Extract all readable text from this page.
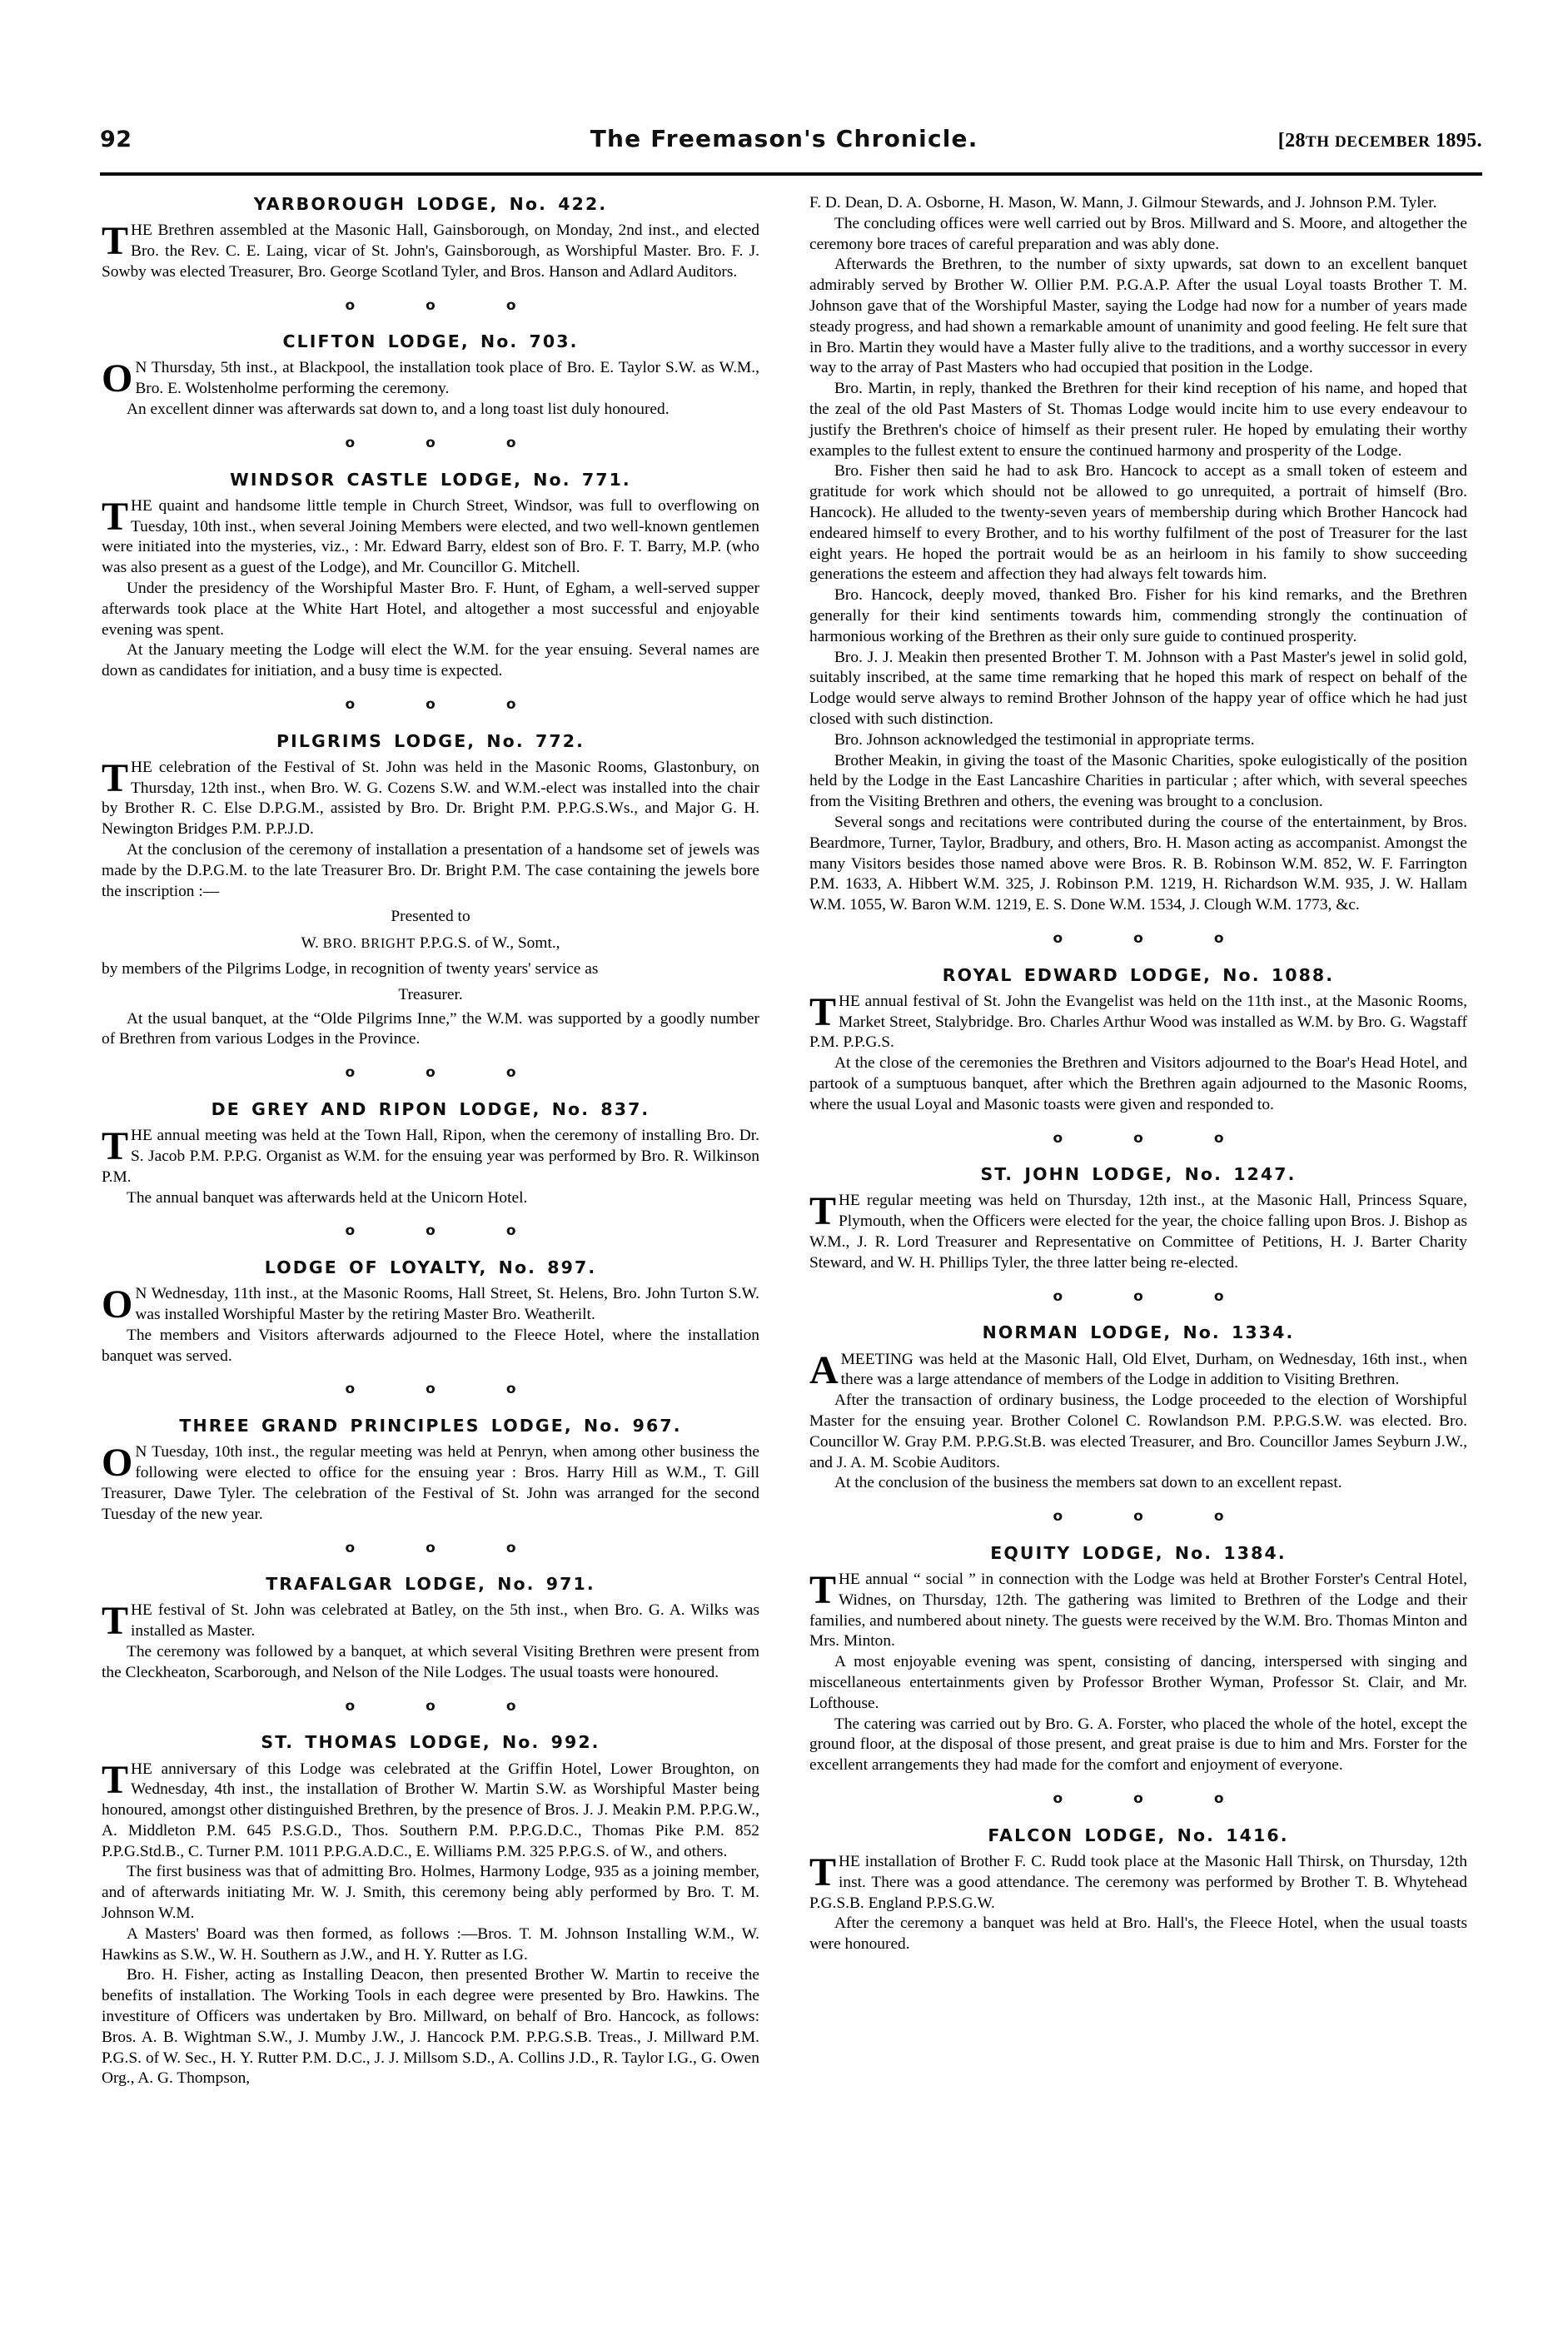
92	The Freemason's Chronicle.	[28TH DECEMBER 1895.
YARBOROUGH LODGE, No. 422.

THE Brethren assembled at the Masonic Hall, Gainsborough, on Monday, 2nd inst., and elected Bro. the Rev. C. E. Laing, vicar of St. John's, Gainsborough, as Worshipful Master. Bro. F. J. Sowby was elected Treasurer, Bro. George Scotland Tyler, and Bros. Hanson and Adlard Auditors.

o o o
CLIFTON LODGE, No. 703.

ON Thursday, 5th inst., at Blackpool, the installation took place of Bro. E. Taylor S.W. as W.M., Bro. E. Wolstenholme performing the ceremony.

An excellent dinner was afterwards sat down to, and a long toast list duly honoured.

o o o
WINDSOR CASTLE LODGE, No. 771.

THE quaint and handsome little temple in Church Street, Windsor, was full to overflowing on Tuesday, 10th inst., when several Joining Members were elected, and two well-known gentlemen were initiated into the mysteries, viz., : Mr. Edward Barry, eldest son of Bro. F. T. Barry, M.P. (who was also present as a guest of the Lodge), and Mr. Councillor G. Mitchell.

Under the presidency of the Worshipful Master Bro. F. Hunt, of Egham, a well-served supper afterwards took place at the White Hart Hotel, and altogether a most successful and enjoyable evening was spent.

At the January meeting the Lodge will elect the W.M. for the year ensuing. Several names are down as candidates for initiation, and a busy time is expected.

o o o
PILGRIMS LODGE, No. 772.

THE celebration of the Festival of St. John was held in the Masonic Rooms, Glastonbury, on Thursday, 12th inst., when Bro. W. G. Cozens S.W. and W.M.-elect was installed into the chair by Brother R. C. Else D.P.G.M., assisted by Bro. Dr. Bright P.M. P.P.G.S.Ws., and Major G. H. Newington Bridges P.M. P.P.J.D.

At the conclusion of the ceremony of installation a presentation of a handsome set of jewels was made by the D.P.G.M. to the late Treasurer Bro. Dr. Bright P.M. The case containing the jewels bore the inscription :—

Presented to

W. BRO. BRIGHT P.P.G.S. of W., Somt.,

by members of the Pilgrims Lodge, in recognition of twenty years' service as

Treasurer.

At the usual banquet, at the “Olde Pilgrims Inne,” the W.M. was supported by a goodly number of Brethren from various Lodges in the Province.

o o o
DE GREY AND RIPON LODGE, No. 837.

THE annual meeting was held at the Town Hall, Ripon, when the ceremony of installing Bro. Dr. S. Jacob P.M. P.P.G. Organist as W.M. for the ensuing year was performed by Bro. R. Wilkinson P.M.

The annual banquet was afterwards held at the Unicorn Hotel.

o o o
LODGE OF LOYALTY, No. 897.

ON Wednesday, 11th inst., at the Masonic Rooms, Hall Street, St. Helens, Bro. John Turton S.W. was installed Worshipful Master by the retiring Master Bro. Weatherilt.

The members and Visitors afterwards adjourned to the Fleece Hotel, where the installation banquet was served.

o o o
THREE GRAND PRINCIPLES LODGE, No. 967.

ON Tuesday, 10th inst., the regular meeting was held at Penryn, when among other business the following were elected to office for the ensuing year : Bros. Harry Hill as W.M., T. Gill Treasurer, Dawe Tyler. The celebration of the Festival of St. John was arranged for the second Tuesday of the new year.

o o o
TRAFALGAR LODGE, No. 971.

THE festival of St. John was celebrated at Batley, on the 5th inst., when Bro. G. A. Wilks was installed as Master.

The ceremony was followed by a banquet, at which several Visiting Brethren were present from the Cleckheaton, Scarborough, and Nelson of the Nile Lodges. The usual toasts were honoured.

o o o
ST. THOMAS LODGE, No. 992.

THE anniversary of this Lodge was celebrated at the Griffin Hotel, Lower Broughton, on Wednesday, 4th inst., the installation of Brother W. Martin S.W. as Worshipful Master being honoured, amongst other distinguished Brethren, by the presence of Bros. J. J. Meakin P.M. P.P.G.W., A. Middleton P.M. 645 P.S.G.D., Thos. Southern P.M. P.P.G.D.C., Thomas Pike P.M. 852 P.P.G.Std.B., C. Turner P.M. 1011 P.P.G.A.D.C., E. Williams P.M. 325 P.P.G.S. of W., and others.

The first business was that of admitting Bro. Holmes, Harmony Lodge, 935 as a joining member, and of afterwards initiating Mr. W. J. Smith, this ceremony being ably performed by Bro. T. M. Johnson W.M.

A Masters' Board was then formed, as follows :—Bros. T. M. Johnson Installing W.M., W. Hawkins as S.W., W. H. Southern as J.W., and H. Y. Rutter as I.G.

Bro. H. Fisher, acting as Installing Deacon, then presented Brother W. Martin to receive the benefits of installation. The Working Tools in each degree were presented by Bro. Hawkins. The investiture of Officers was undertaken by Bro. Millward, on behalf of Bro. Hancock, as follows: Bros. A. B. Wightman S.W., J. Mumby J.W., J. Hancock P.M. P.P.G.S.B. Treas., J. Millward P.M. P.G.S. of W. Sec., H. Y. Rutter P.M. D.C., J. J. Millsom S.D., A. Collins J.D., R. Taylor I.G., G. Owen Org., A. G. Thompson,

F. D. Dean, D. A. Osborne, H. Mason, W. Mann, J. Gilmour Stewards, and J. Johnson P.M. Tyler.

The concluding offices were well carried out by Bros. Millward and S. Moore, and altogether the ceremony bore traces of careful preparation and was ably done.

Afterwards the Brethren, to the number of sixty upwards, sat down to an excellent banquet admirably served by Brother W. Ollier P.M. P.G.A.P. After the usual Loyal toasts Brother T. M. Johnson gave that of the Worshipful Master, saying the Lodge had now for a number of years made steady progress, and had shown a remarkable amount of unanimity and good feeling. He felt sure that in Bro. Martin they would have a Master fully alive to the traditions, and a worthy successor in every way to the array of Past Masters who had occupied that position in the Lodge.

Bro. Martin, in reply, thanked the Brethren for their kind reception of his name, and hoped that the zeal of the old Past Masters of St. Thomas Lodge would incite him to use every endeavour to justify the Brethren's choice of himself as their present ruler. He hoped by emulating their worthy examples to the fullest extent to ensure the continued harmony and prosperity of the Lodge.

Bro. Fisher then said he had to ask Bro. Hancock to accept as a small token of esteem and gratitude for work which should not be allowed to go unrequited, a portrait of himself (Bro. Hancock). He alluded to the twenty-seven years of membership during which Brother Hancock had endeared himself to every Brother, and to his worthy fulfilment of the post of Treasurer for the last eight years. He hoped the portrait would be as an heirloom in his family to show succeeding generations the esteem and affection they had always felt towards him.

Bro. Hancock, deeply moved, thanked Bro. Fisher for his kind remarks, and the Brethren generally for their kind sentiments towards him, commending strongly the continuation of harmonious working of the Brethren as their only sure guide to continued prosperity.

Bro. J. J. Meakin then presented Brother T. M. Johnson with a Past Master's jewel in solid gold, suitably inscribed, at the same time remarking that he hoped this mark of respect on behalf of the Lodge would serve always to remind Brother Johnson of the happy year of office which he had just closed with such distinction.

Bro. Johnson acknowledged the testimonial in appropriate terms.

Brother Meakin, in giving the toast of the Masonic Charities, spoke eulogistically of the position held by the Lodge in the East Lancashire Charities in particular ; after which, with several speeches from the Visiting Brethren and others, the evening was brought to a conclusion.

Several songs and recitations were contributed during the course of the entertainment, by Bros. Beardmore, Turner, Taylor, Bradbury, and others, Bro. H. Mason acting as accompanist. Amongst the many Visitors besides those named above were Bros. R. B. Robinson W.M. 852, W. F. Farrington P.M. 1633, A. Hibbert W.M. 325, J. Robinson P.M. 1219, H. Richardson W.M. 935, J. W. Hallam W.M. 1055, W. Baron W.M. 1219, E. S. Done W.M. 1534, J. Clough W.M. 1773, &c.

o o o
ROYAL EDWARD LODGE, No. 1088.

THE annual festival of St. John the Evangelist was held on the 11th inst., at the Masonic Rooms, Market Street, Stalybridge. Bro. Charles Arthur Wood was installed as W.M. by Bro. G. Wagstaff P.M. P.P.G.S.

At the close of the ceremonies the Brethren and Visitors adjourned to the Boar's Head Hotel, and partook of a sumptuous banquet, after which the Brethren again adjourned to the Masonic Rooms, where the usual Loyal and Masonic toasts were given and responded to.

o o o
ST. JOHN LODGE, No. 1247.

THE regular meeting was held on Thursday, 12th inst., at the Masonic Hall, Princess Square, Plymouth, when the Officers were elected for the year, the choice falling upon Bros. J. Bishop as W.M., J. R. Lord Treasurer and Representative on Committee of Petitions, H. J. Barter Charity Steward, and W. H. Phillips Tyler, the three latter being re-elected.

o o o
NORMAN LODGE, No. 1334.

AMEETING was held at the Masonic Hall, Old Elvet, Durham, on Wednesday, 16th inst., when there was a large attendance of members of the Lodge in addition to Visiting Brethren.

After the transaction of ordinary business, the Lodge proceeded to the election of Worshipful Master for the ensuing year. Brother Colonel C. Rowlandson P.M. P.P.G.S.W. was elected. Bro. Councillor W. Gray P.M. P.P.G.St.B. was elected Treasurer, and Bro. Councillor James Seyburn J.W., and J. A. M. Scobie Auditors.

At the conclusion of the business the members sat down to an excellent repast.

o o o
EQUITY LODGE, No. 1384.

THE annual “ social ” in connection with the Lodge was held at Brother Forster's Central Hotel, Widnes, on Thursday, 12th. The gathering was limited to Brethren of the Lodge and their families, and numbered about ninety. The guests were received by the W.M. Bro. Thomas Minton and Mrs. Minton.

A most enjoyable evening was spent, consisting of dancing, interspersed with singing and miscellaneous entertainments given by Professor Brother Wyman, Professor St. Clair, and Mr. Lofthouse.

The catering was carried out by Bro. G. A. Forster, who placed the whole of the hotel, except the ground floor, at the disposal of those present, and great praise is due to him and Mrs. Forster for the excellent arrangements they had made for the comfort and enjoyment of everyone.

o o o
FALCON LODGE, No. 1416.

THE installation of Brother F. C. Rudd took place at the Masonic Hall Thirsk, on Thursday, 12th inst. There was a good attendance. The ceremony was performed by Brother T. B. Whytehead P.G.S.B. England P.P.S.G.W.

After the ceremony a banquet was held at Bro. Hall's, the Fleece Hotel, when the usual toasts were honoured.
